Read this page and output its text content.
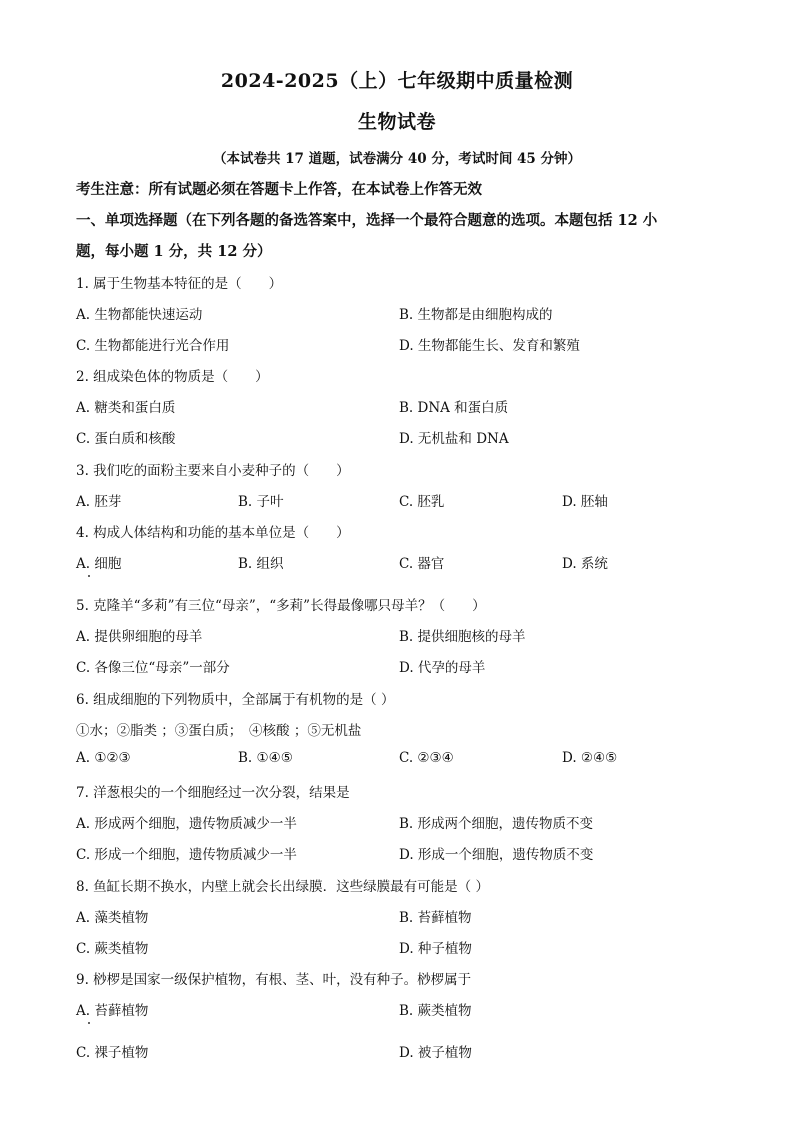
2024-2025（上）七年级期中质量检测
生物试卷
（本试卷共 17 道题，试卷满分 40 分，考试时间 45 分钟）
考生注意：所有试题必须在答题卡上作答，在本试卷上作答无效
一、单项选择题（在下列各题的备选答案中，选择一个最符合题意的选项。本题包括 12 小
题，每小题 1 分，共 12 分）
1. 属于生物基本特征的是（　　）
A. 生物都能快速运动	B. 生物都是由细胞构成的
C. 生物都能进行光合作用	D. 生物都能生长、发育和繁殖
2. 组成染色体的物质是（　　）
A. 糖类和蛋白质	B. DNA 和蛋白质
C. 蛋白质和核酸	D. 无机盐和 DNA
3. 我们吃的面粉主要来自小麦种子的（　　）
A. 胚芽	B. 子叶	C. 胚乳	D. 胚轴
4. 构成人体结构和功能的基本单位是（　　）
A. 细胞	B. 组织	C. 器官	D. 系统
5. 克隆羊“多莉”有三位“母亲”，“多莉”长得最像哪只母羊？（　　）
A. 提供卵细胞的母羊	B. 提供细胞核的母羊
C. 各像三位“母亲”一部分	D. 代孕的母羊
6. 组成细胞的下列物质中，全部属于有机物的是（ ）
①水；②脂类 ；③蛋白质；　④核酸 ；⑤无机盐
A. ①②③	B. ①④⑤	C. ②③④	D. ②④⑤
7. 洋葱根尖的一个细胞经过一次分裂，结果是
A. 形成两个细胞，遗传物质减少一半	B. 形成两个细胞，遗传物质不变
C. 形成一个细胞，遗传物质减少一半	D. 形成一个细胞，遗传物质不变
8. 鱼缸长期不换水，内壁上就会长出绿膜．这些绿膜最有可能是（ ）
A. 藻类植物	B. 苔藓植物
C. 蕨类植物	D. 种子植物
9. 桫椤是国家一级保护植物，有根、茎、叶，没有种子。桫椤属于
A. 苔藓植物	B. 蕨类植物
C. 裸子植物	D. 被子植物
